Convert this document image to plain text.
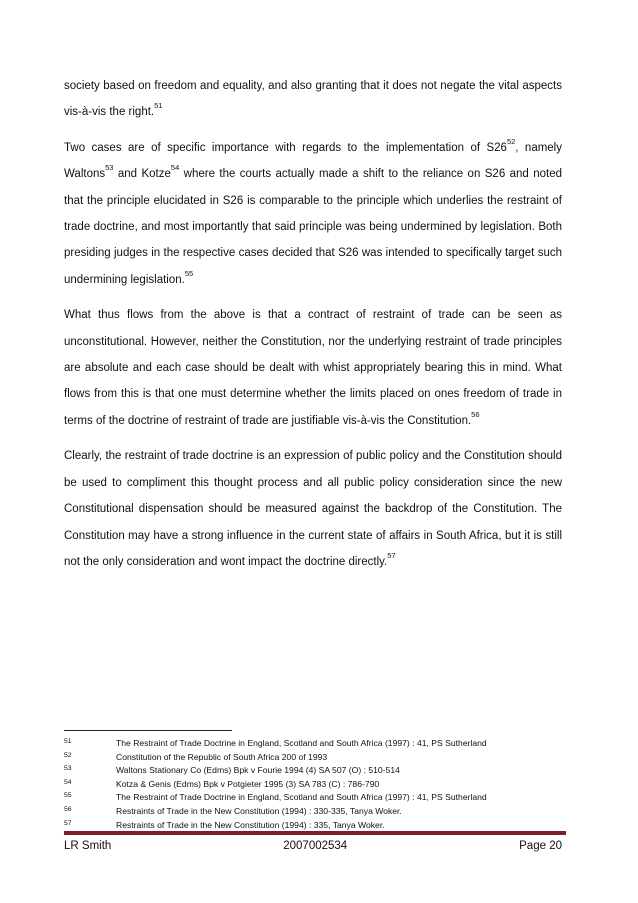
society based on freedom and equality, and also granting that it does not negate the vital aspects vis-à-vis the right.$^{51}$

Two cases are of specific importance with regards to the implementation of $S26^{52}$, namely Waltons$^{53}$ and Kotze$^{54}$ where the courts actually made a shift to the reliance on S26 and noted that the principle elucidated in S26 is comparable to the principle which underlies the restraint of trade doctrine, and most importantly that said principle was being undermined by legislation. Both presiding judges in the respective cases decided that S26 was intended to specifically target such undermining legislation.$^{55}$

What thus flows from the above is that a contract of restraint of trade can be seen as unconstitutional. However, neither the Constitution, nor the underlying restraint of trade principles are absolute and each case should be dealt with whist appropriately bearing this in mind. What flows from this is that one must determine whether the limits placed on ones freedom of trade in terms of the doctrine of restraint of trade are justifiable vis-à-vis the Constitution.$^{56}$

Clearly, the restraint of trade doctrine is an expression of public policy and the Constitution should be used to compliment this thought process and all public policy consideration since the new Constitutional dispensation should be measured against the backdrop of the Constitution. The Constitution may have a strong influence in the current state of affairs in South Africa, but it is still not the only consideration and wont impact the doctrine directly.$^{57}$

51	The Restraint of Trade Doctrine in England, Scotland and South Africa (1997) : 41, PS Sutherland
52	Constitution of the Republic of South Africa 200 of 1993
53	Waltons Stationary Co (Edms) Bpk v Fourie 1994 (4) SA 507 (O) : 510-514
54	Kotza & Genis (Edms) Bpk v Potgieter 1995 (3) SA 783 (C) : 786-790
55	The Restraint of Trade Doctrine in England, Scotland and South Africa (1997) : 41, PS Sutherland
56	Restraints of Trade in the New Constitution (1994) : 330-335, Tanya Woker.
57	Restraints of Trade in the New Constitution (1994) : 335, Tanya Woker.
LR Smith	2007002534	Page 20
